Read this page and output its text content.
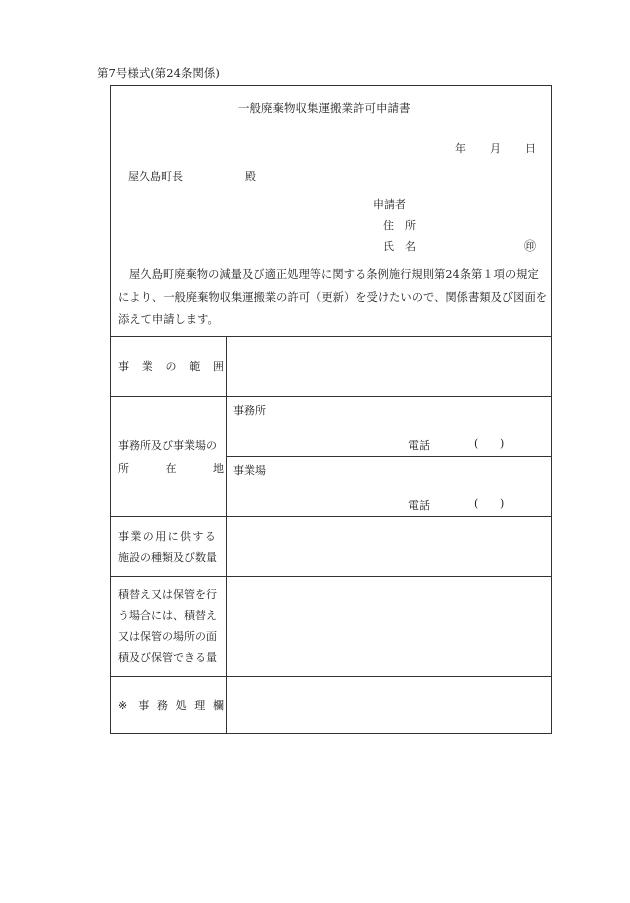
第7号様式(第24条関係)
一般廃棄物収集運搬業許可申請書
年 月 日
屋久島町長	殿
申請者
住　所
氏　名	㊞
屋久島町廃棄物の減量及び適正処理等に関する条例施行規則第24条第１項の規定により、一般廃棄物収集運搬業の許可（更新）を受けたいので、関係書類及び図面を添えて申請します。
事 業 の 範 囲
事務所及び事業場の
所	在	地
事務所
電話	( )
事業場
電話	( )
事業の用に供する
施設の種類及び数量
積替え又は保管を行
う場合には、積替え
又は保管の場所の面
積及び保管できる量
※ 事 務 処 理 欄
